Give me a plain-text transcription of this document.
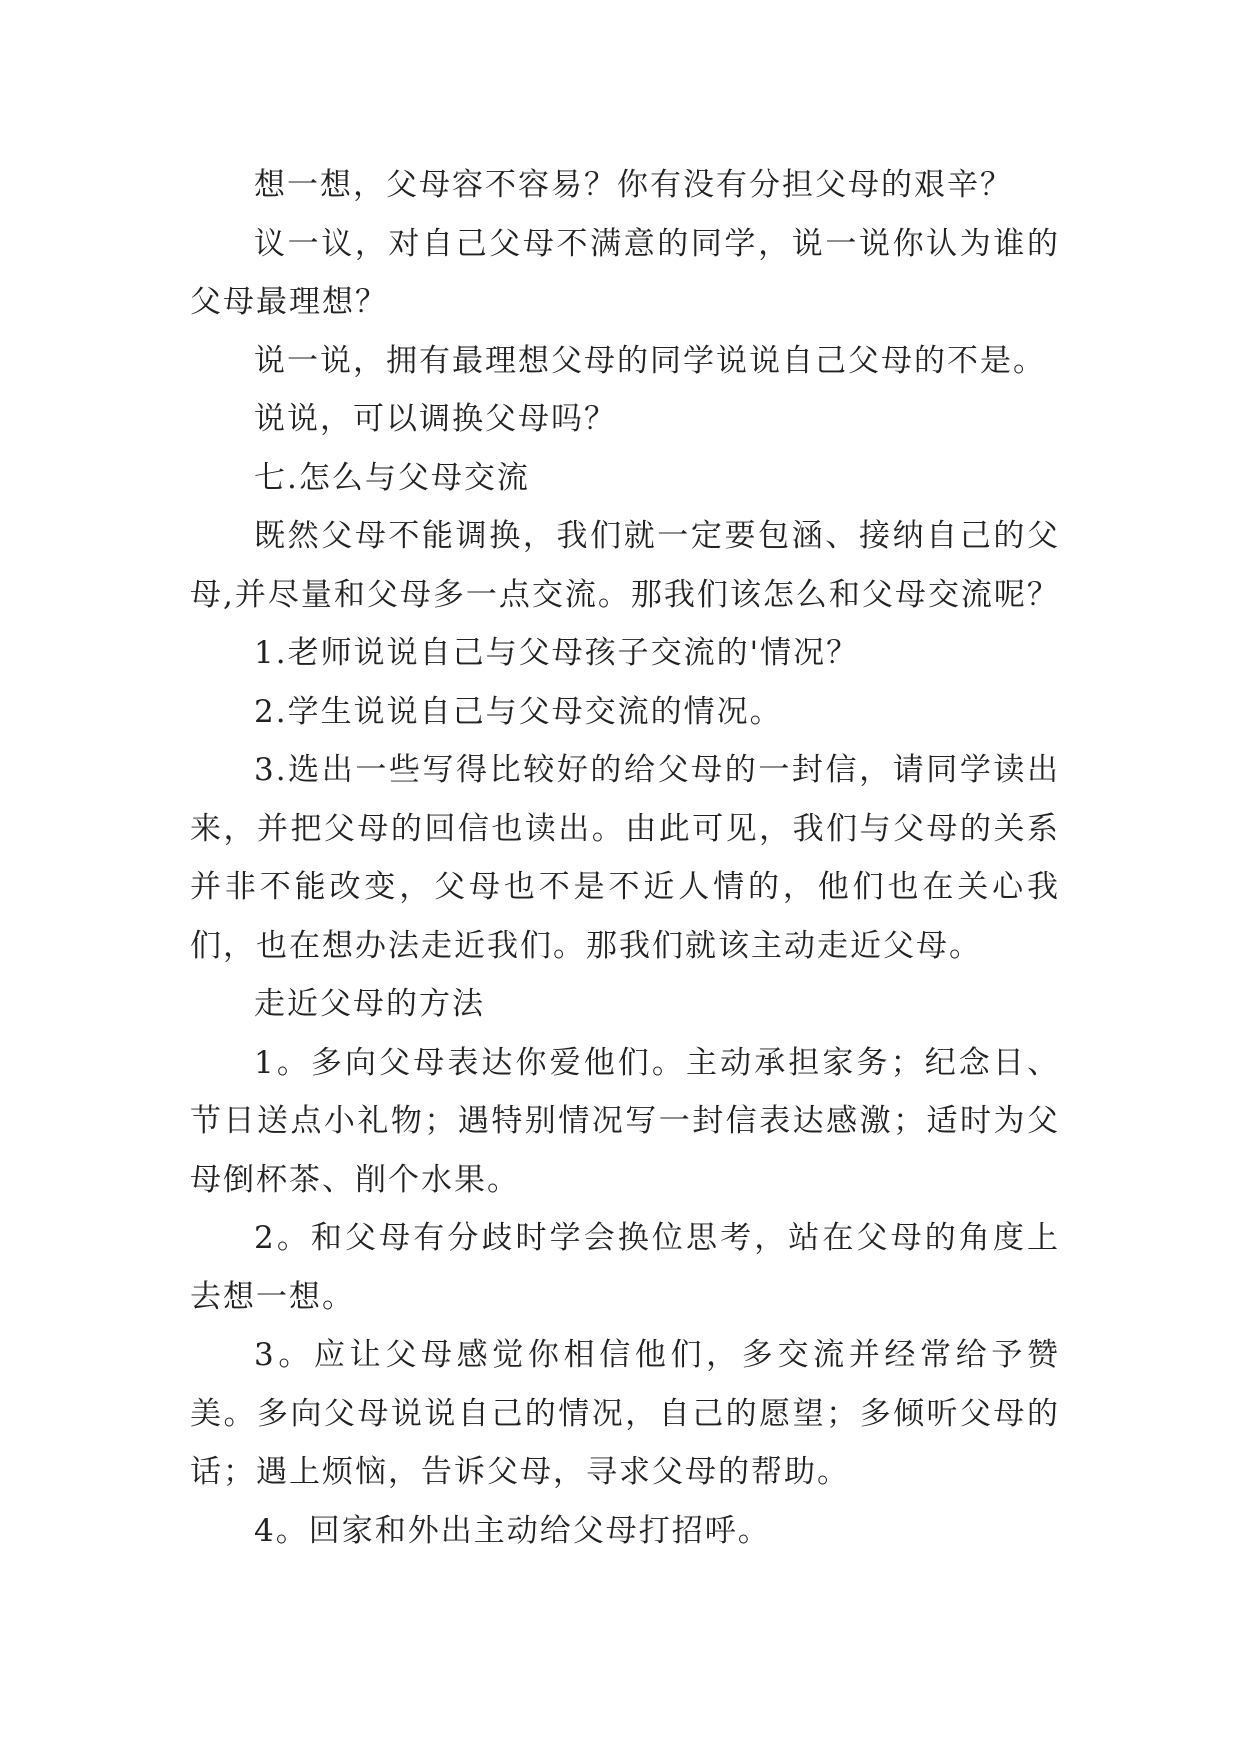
想一想，父母容不容易？你有没有分担父母的艰辛？

议一议，对自己父母不满意的同学，说一说你认为谁的父母最理想？

说一说，拥有最理想父母的同学说说自己父母的不是。

说说，可以调换父母吗？

七.怎么与父母交流

既然父母不能调换，我们就一定要包涵、接纳自己的父母,并尽量和父母多一点交流。那我们该怎么和父母交流呢？

1.老师说说自己与父母孩子交流的'情况？

2.学生说说自己与父母交流的情况。

3.选出一些写得比较好的给父母的一封信，请同学读出来，并把父母的回信也读出。由此可见，我们与父母的关系并非不能改变，父母也不是不近人情的，他们也在关心我们，也在想办法走近我们。那我们就该主动走近父母。

走近父母的方法

1。多向父母表达你爱他们。主动承担家务；纪念日、节日送点小礼物；遇特别情况写一封信表达感激；适时为父母倒杯茶、削个水果。

2。和父母有分歧时学会换位思考，站在父母的角度上去想一想。

3。应让父母感觉你相信他们，多交流并经常给予赞美。多向父母说说自己的情况，自己的愿望；多倾听父母的话；遇上烦恼，告诉父母，寻求父母的帮助。

4。回家和外出主动给父母打招呼。
